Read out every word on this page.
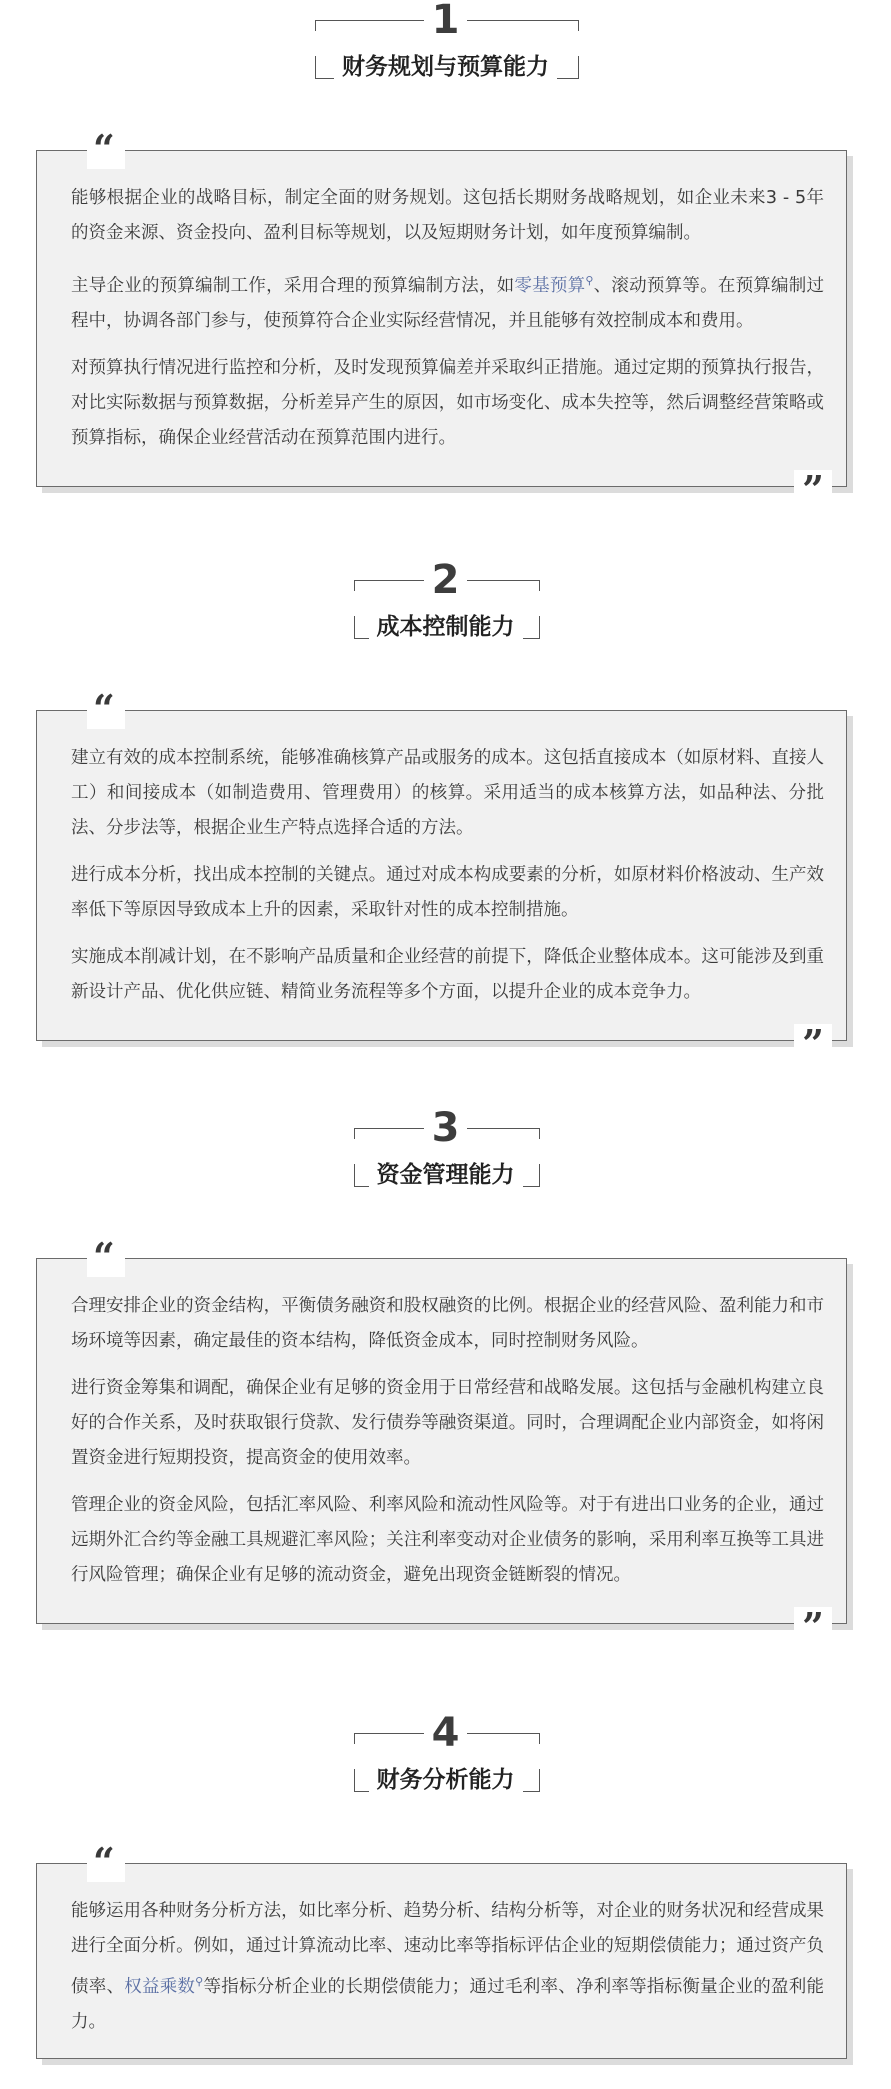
1
财务规划与预算能力
“

能够根据企业的战略目标，制定全面的财务规划。这包括长期财务战略规划，如企业未来3 - 5年的资金来源、资金投向、盈利目标等规划，以及短期财务计划，如年度预算编制。

主导企业的预算编制工作，采用合理的预算编制方法，如零基预算⚲、滚动预算等。在预算编制过程中，协调各部门参与，使预算符合企业实际经营情况，并且能够有效控制成本和费用。

对预算执行情况进行监控和分析，及时发现预算偏差并采取纠正措施。通过定期的预算执行报告，对比实际数据与预算数据，分析差异产生的原因，如市场变化、成本失控等，然后调整经营策略或预算指标，确保企业经营活动在预算范围内进行。

”
2
成本控制能力
“

建立有效的成本控制系统，能够准确核算产品或服务的成本。这包括直接成本（如原材料、直接人工）和间接成本（如制造费用、管理费用）的核算。采用适当的成本核算方法，如品种法、分批法、分步法等，根据企业生产特点选择合适的方法。

进行成本分析，找出成本控制的关键点。通过对成本构成要素的分析，如原材料价格波动、生产效率低下等原因导致成本上升的因素，采取针对性的成本控制措施。

实施成本削减计划，在不影响产品质量和企业经营的前提下，降低企业整体成本。这可能涉及到重新设计产品、优化供应链、精简业务流程等多个方面，以提升企业的成本竞争力。

”
3
资金管理能力
“

合理安排企业的资金结构，平衡债务融资和股权融资的比例。根据企业的经营风险、盈利能力和市场环境等因素，确定最佳的资本结构，降低资金成本，同时控制财务风险。

进行资金筹集和调配，确保企业有足够的资金用于日常经营和战略发展。这包括与金融机构建立良好的合作关系，及时获取银行贷款、发行债券等融资渠道。同时，合理调配企业内部资金，如将闲置资金进行短期投资，提高资金的使用效率。

管理企业的资金风险，包括汇率风险、利率风险和流动性风险等。对于有进出口业务的企业，通过远期外汇合约等金融工具规避汇率风险；关注利率变动对企业债务的影响，采用利率互换等工具进行风险管理；确保企业有足够的流动资金，避免出现资金链断裂的情况。

”
4
财务分析能力
“

能够运用各种财务分析方法，如比率分析、趋势分析、结构分析等，对企业的财务状况和经营成果进行全面分析。例如，通过计算流动比率、速动比率等指标评估企业的短期偿债能力；通过资产负债率、权益乘数⚲等指标分析企业的长期偿债能力；通过毛利率、净利率等指标衡量企业的盈利能力。
